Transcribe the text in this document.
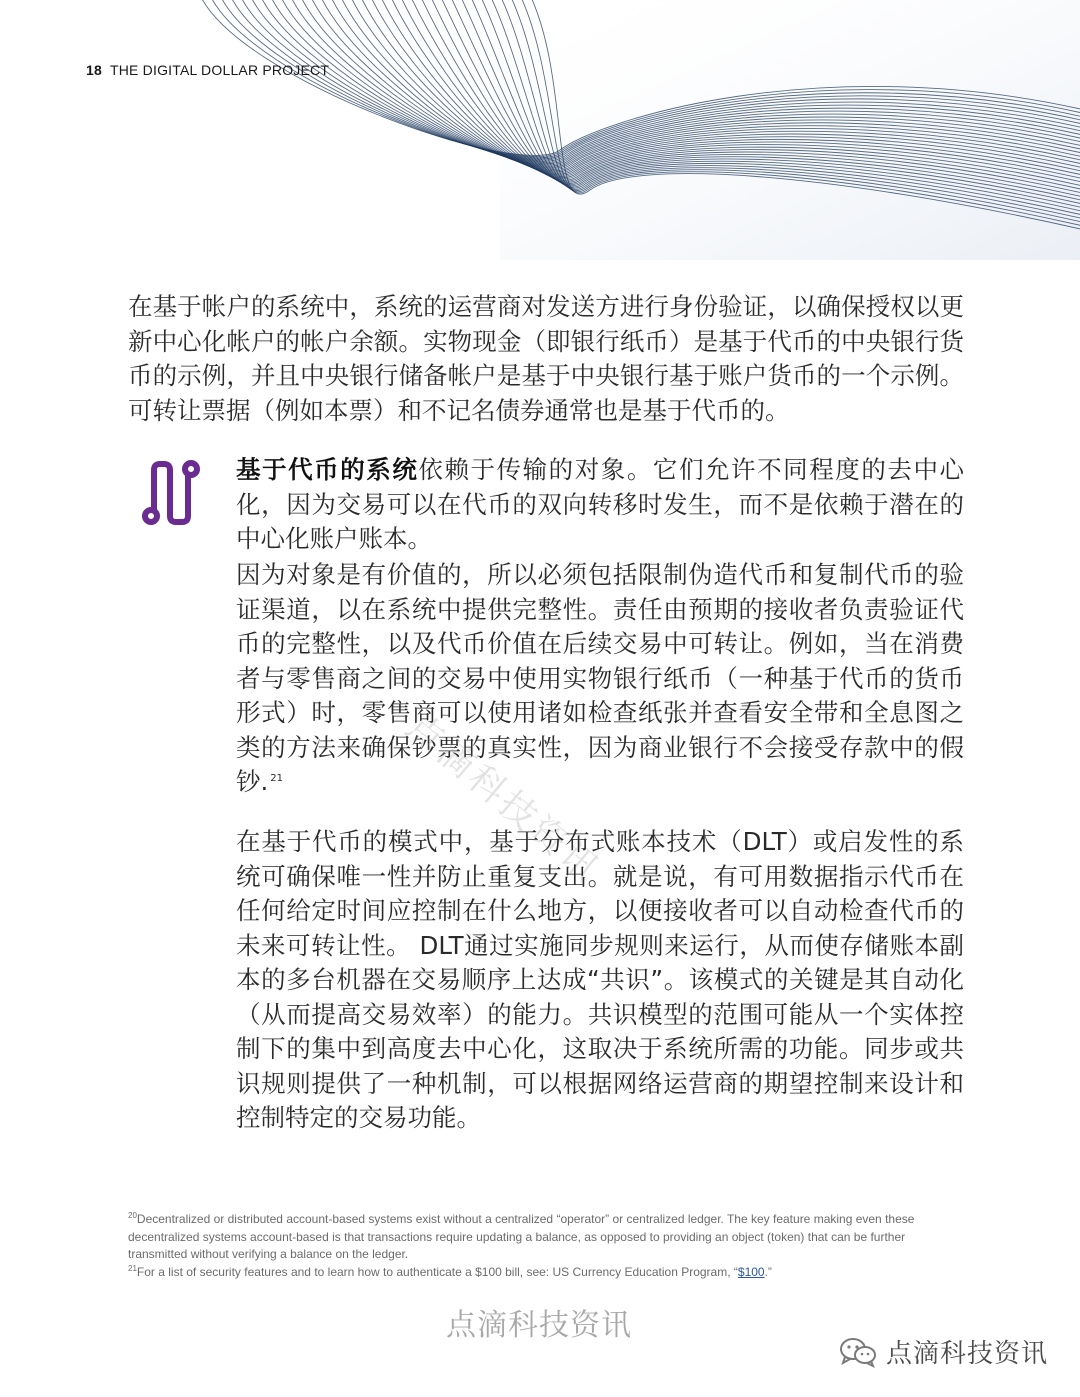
18 THE DIGITAL DOLLAR PROJECT

在基于帐户的系统中，系统的运营商对发送方进行身份验证，以确保授权以更新中心化帐户的帐户余额。实物现金（即银行纸币）是基于代币的中央银行货币的示例，并且中央银行储备帐户是基于中央银行基于账户货币的一个示例。可转让票据（例如本票）和不记名债券通常也是基于代币的。

基于代币的系统依赖于传输的对象。它们允许不同程度的去中心化，因为交易可以在代币的双向转移时发生，而不是依赖于潜在的中心化账户账本。

因为对象是有价值的，所以必须包括限制伪造代币和复制代币的验证渠道，以在系统中提供完整性。责任由预期的接收者负责验证代币的完整性，以及代币价值在后续交易中可转让。例如，当在消费者与零售商之间的交易中使用实物银行纸币（一种基于代币的货币形式）时，零售商可以使用诸如检查纸张并查看安全带和全息图之类的方法来确保钞票的真实性，因为商业银行不会接受存款中的假钞. $^{21}$	点滴科技资讯

在基于代币的模式中，基于分布式账本技术（DLT）或启发性的系统可确保唯一性并防止重复支出。就是说，有可用数据指示代币在任何给定时间应控制在什么地方，以便接收者可以自动检查代币的未来可转让性。 DLT通过实施同步规则来运行，从而使存储账本副本的多台机器在交易顺序上达成“共识”。该模式的关键是其自动化（从而提高交易效率）的能力。共识模型的范围可能从一个实体控制下的集中到高度去中心化，这取决于系统所需的功能。同步或共识规则提供了一种机制，可以根据网络运营商的期望控制来设计和控制特定的交易功能。

$^{20}$Decentralized or distributed account-based systems exist without a centralized “operator” or centralized ledger. The key feature making even these decentralized systems account-based is that transactions require updating a balance, as opposed to providing an object (token) that can be further transmitted without verifying a balance on the ledger.

$^{21}$For a list of security features and to learn how to authenticate a $100 bill, see: US Currency Education Program, “$100.”

点滴科技资讯
点滴科技资讯
